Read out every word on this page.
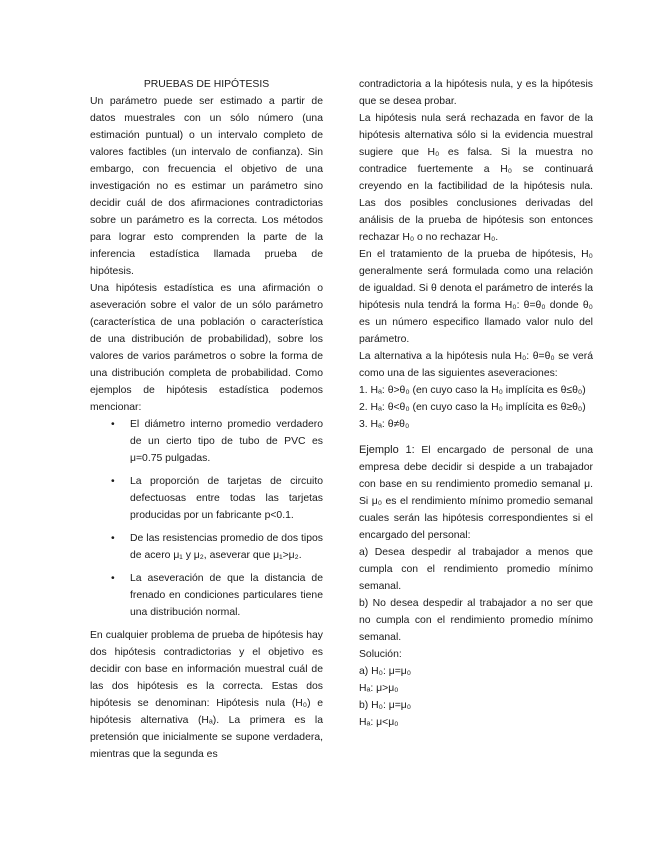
PRUEBAS DE HIPÓTESIS

Un parámetro puede ser estimado a partir de datos muestrales con un sólo número (una estimación puntual) o un intervalo completo de valores factibles (un intervalo de confianza). Sin embargo, con frecuencia el objetivo de una investigación no es estimar un parámetro sino decidir cuál de dos afirmaciones contradictorias sobre un parámetro es la correcta. Los métodos para lograr esto comprenden la parte de la inferencia estadística llamada prueba de hipótesis.

Una hipótesis estadística es una afirmación o aseveración sobre el valor de un sólo parámetro (característica de una población o característica de una distribución de probabilidad), sobre los valores de varios parámetros o sobre la forma de una distribución completa de probabilidad. Como ejemplos de hipótesis estadística podemos mencionar:

• El diámetro interno promedio verdadero de un cierto tipo de tubo de PVC es μ=0.75 pulgadas.
• La proporción de tarjetas de circuito defectuosas entre todas las tarjetas producidas por un fabricante p<0.1.
• De las resistencias promedio de dos tipos de acero μ₁ y μ₂, aseverar que μ₁>μ₂.
• La aseveración de que la distancia de frenado en condiciones particulares tiene una distribución normal.

En cualquier problema de prueba de hipótesis hay dos hipótesis contradictorias y el objetivo es decidir con base en información muestral cuál de las dos hipótesis es la correcta. Estas dos hipótesis se denominan: Hipótesis nula (H₀) e hipótesis alternativa (Hₐ). La primera es la pretensión que inicialmente se supone verdadera, mientras que la segunda es

contradictoria a la hipótesis nula, y es la hipótesis que se desea probar.

La hipótesis nula será rechazada en favor de la hipótesis alternativa sólo si la evidencia muestral sugiere que H₀ es falsa. Si la muestra no contradice fuertemente a H₀ se continuará creyendo en la factibilidad de la hipótesis nula. Las dos posibles conclusiones derivadas del análisis de la prueba de hipótesis son entonces rechazar H₀ o no rechazar H₀.

En el tratamiento de la prueba de hipótesis, H₀ generalmente será formulada como una relación de igualdad. Si θ denota el parámetro de interés la hipótesis nula tendrá la forma H₀: θ=θ₀ donde θ₀ es un número especifico llamado valor nulo del parámetro.

La alternativa a la hipótesis nula H₀: θ=θ₀ se verá como una de las siguientes aseveraciones:

1. Hₐ: θ>θ₀ (en cuyo caso la H₀ implícita es θ≤θ₀)

2. Hₐ: θ<θ₀ (en cuyo caso la H₀ implícita es θ≥θ₀)

3. Hₐ: θ≠θ₀

Ejemplo 1: El encargado de personal de una empresa debe decidir si despide a un trabajador con base en su rendimiento promedio semanal μ. Si μ₀ es el rendimiento mínimo promedio semanal cuales serán las hipótesis correspondientes si el encargado del personal:

a) Desea despedir al trabajador a menos que cumpla con el rendimiento promedio mínimo semanal.

b) No desea despedir al trabajador a no ser que no cumpla con el rendimiento promedio mínimo semanal.

Solución:

a) H₀: μ=μ₀

Hₐ: μ>μ₀

b) H₀: μ=μ₀

Hₐ: μ<μ₀
